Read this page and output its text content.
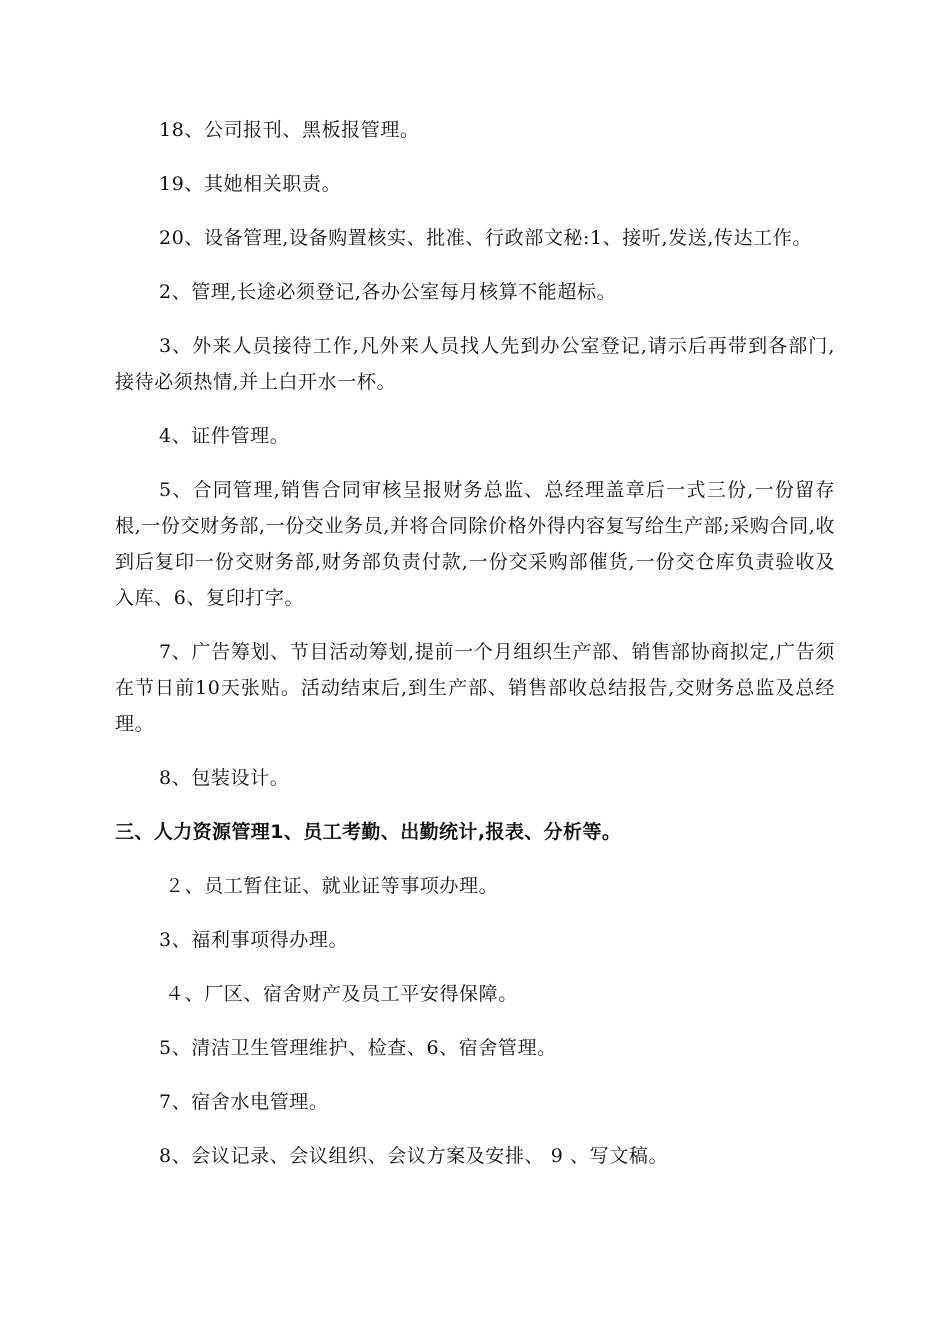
18、公司报刊、黑板报管理。

19、其她相关职责。

20、设备管理,设备购置核实、批准、行政部文秘:1、接听,发送,传达工作。

2、管理,长途必须登记,各办公室每月核算不能超标。

3、外来人员接待工作,凡外来人员找人先到办公室登记,请示后再带到各部门,接待必须热情,并上白开水一杯。

4、证件管理。

5、合同管理,销售合同审核呈报财务总监、总经理盖章后一式三份,一份留存根,一份交财务部,一份交业务员,并将合同除价格外得内容复写给生产部;采购合同,收到后复印一份交财务部,财务部负责付款,一份交采购部催货,一份交仓库负责验收及入库、6、复印打字。

7、广告筹划、节目活动筹划,提前一个月组织生产部、销售部协商拟定,广告须在节日前10天张贴。活动结束后,到生产部、销售部收总结报告,交财务总监及总经理。

8、包装设计。

三、人力资源管理1、员工考勤、出勤统计,报表、分析等。

２、员工暂住证、就业证等事项办理。

3、福利事项得办理。

４、厂区、宿舍财产及员工平安得保障。

5、清洁卫生管理维护、检查、6、宿舍管理。

7、宿舍水电管理。

8、会议记录、会议组织、会议方案及安排、 9 、写文稿。
